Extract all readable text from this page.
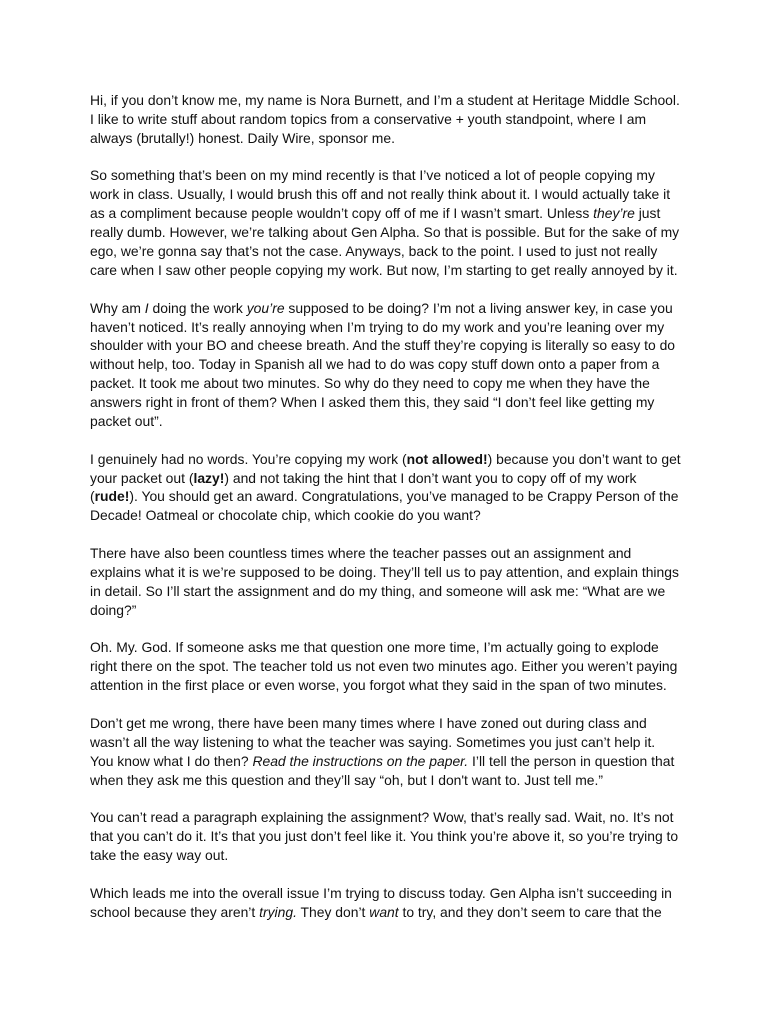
Hi, if you don’t know me, my name is Nora Burnett, and I’m a student at Heritage Middle School.
I like to write stuff about random topics from a conservative + youth standpoint, where I am
always (brutally!) honest. Daily Wire, sponsor me.

So something that’s been on my mind recently is that I’ve noticed a lot of people copying my
work in class. Usually, I would brush this off and not really think about it. I would actually take it
as a compliment because people wouldn’t copy off of me if I wasn’t smart. Unless they’re just
really dumb. However, we’re talking about Gen Alpha. So that is possible. But for the sake of my
ego, we’re gonna say that’s not the case. Anyways, back to the point. I used to just not really
care when I saw other people copying my work. But now, I’m starting to get really annoyed by it.

Why am I doing the work you’re supposed to be doing? I’m not a living answer key, in case you
haven’t noticed. It’s really annoying when I’m trying to do my work and you’re leaning over my
shoulder with your BO and cheese breath. And the stuff they’re copying is literally so easy to do
without help, too. Today in Spanish all we had to do was copy stuff down onto a paper from a
packet. It took me about two minutes. So why do they need to copy me when they have the
answers right in front of them? When I asked them this, they said “I don’t feel like getting my
packet out”.

I genuinely had no words. You’re copying my work (not allowed!) because you don’t want to get
your packet out (lazy!) and not taking the hint that I don’t want you to copy off of my work
(rude!). You should get an award. Congratulations, you’ve managed to be Crappy Person of the
Decade! Oatmeal or chocolate chip, which cookie do you want?

There have also been countless times where the teacher passes out an assignment and
explains what it is we’re supposed to be doing. They’ll tell us to pay attention, and explain things
in detail. So I’ll start the assignment and do my thing, and someone will ask me: “What are we
doing?”

Oh. My. God. If someone asks me that question one more time, I’m actually going to explode
right there on the spot. The teacher told us not even two minutes ago. Either you weren’t paying
attention in the first place or even worse, you forgot what they said in the span of two minutes.

Don’t get me wrong, there have been many times where I have zoned out during class and
wasn’t all the way listening to what the teacher was saying. Sometimes you just can’t help it.
You know what I do then? Read the instructions on the paper. I’ll tell the person in question that
when they ask me this question and they’ll say “oh, but I don't want to. Just tell me.”

You can’t read a paragraph explaining the assignment? Wow, that’s really sad. Wait, no. It’s not
that you can’t do it. It’s that you just don’t feel like it. You think you’re above it, so you’re trying to
take the easy way out.

Which leads me into the overall issue I’m trying to discuss today. Gen Alpha isn’t succeeding in
school because they aren’t trying. They don’t want to try, and they don’t seem to care that the
